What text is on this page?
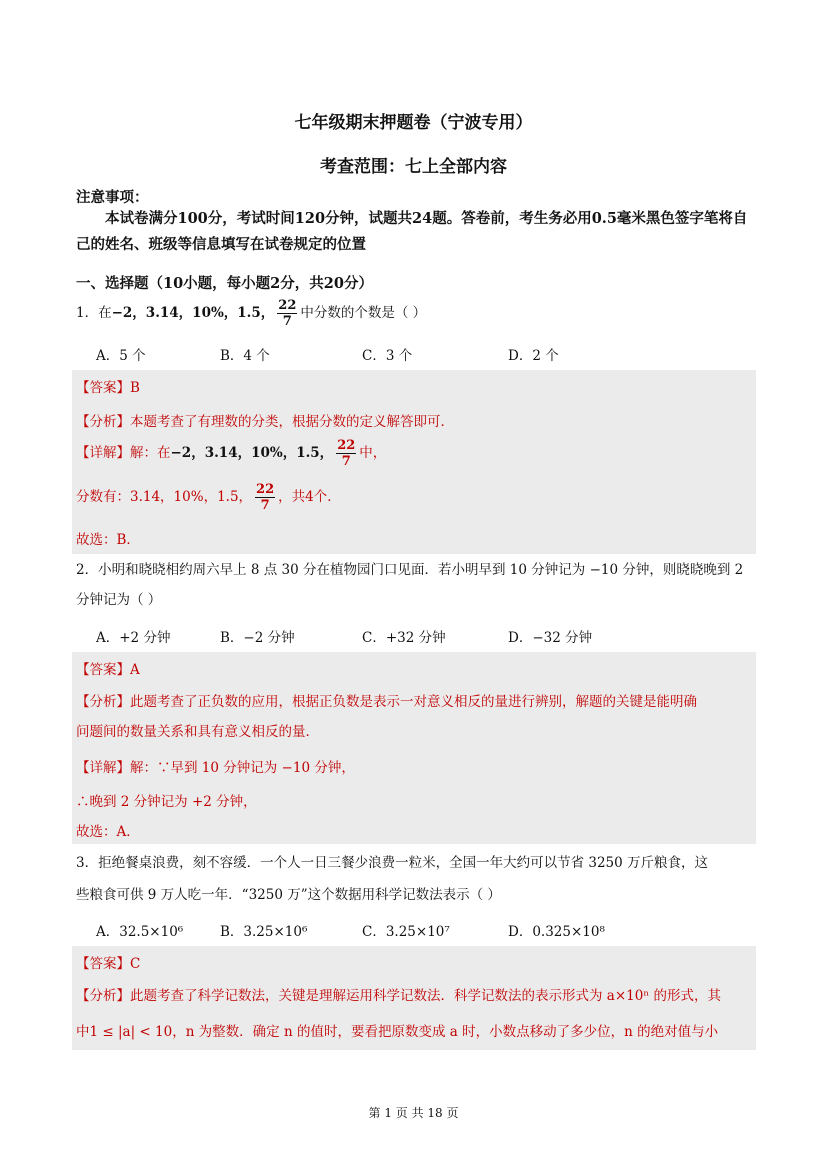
七年级期末押题卷（宁波专用）
考查范围：七上全部内容
注意事项：
本试卷满分100分，考试时间120分钟，试题共24题。答卷前，考生务必用0.5毫米黑色签字笔将自己的姓名、班级等信息填写在试卷规定的位置
一、选择题（10小题，每小题2分，共20分）
1．在−2，3.14，10%，1.5， $\frac{22}{7}$ 中分数的个数是（ ）
A．5 个	B．4 个	C．3 个	D．2 个
【答案】B
【分析】本题考查了有理数的分类，根据分数的定义解答即可．
【详解】解：在−2，3.14，10%，1.5， $\frac{22}{7}$ 中，
分数有：3.14，10%，1.5， $\frac{22}{7}$ ，共4个．
故选：B．
2．小明和晓晓相约周六早上 8 点 30 分在植物园门口见面．若小明早到 10 分钟记为 −10 分钟，则晓晓晚到 2
分钟记为（ ）
A．+2 分钟	B．−2 分钟	C．+32 分钟	D．−32 分钟
【答案】A
【分析】此题考查了正负数的应用，根据正负数是表示一对意义相反的量进行辨别，解题的关键是能明确
问题间的数量关系和具有意义相反的量．
【详解】解：∵早到 10 分钟记为 −10 分钟，
∴晚到 2 分钟记为 +2 分钟，
故选：A．
3．拒绝餐桌浪费，刻不容缓．一个人一日三餐少浪费一粒米，全国一年大约可以节省 3250 万斤粮食，这
些粮食可供 9 万人吃一年．“3250 万”这个数据用科学记数法表示（ ）
A．32.5×10⁶	B．3.25×10⁶	C．3.25×10⁷	D．0.325×10⁸
【答案】C
【分析】此题考查了科学记数法，关键是理解运用科学记数法．科学记数法的表示形式为 a×10ⁿ 的形式，其
中1 ≤ |a| < 10，n 为整数．确定 n 的值时，要看把原数变成 a 时，小数点移动了多少位，n 的绝对值与小
第 1 页 共 18 页
